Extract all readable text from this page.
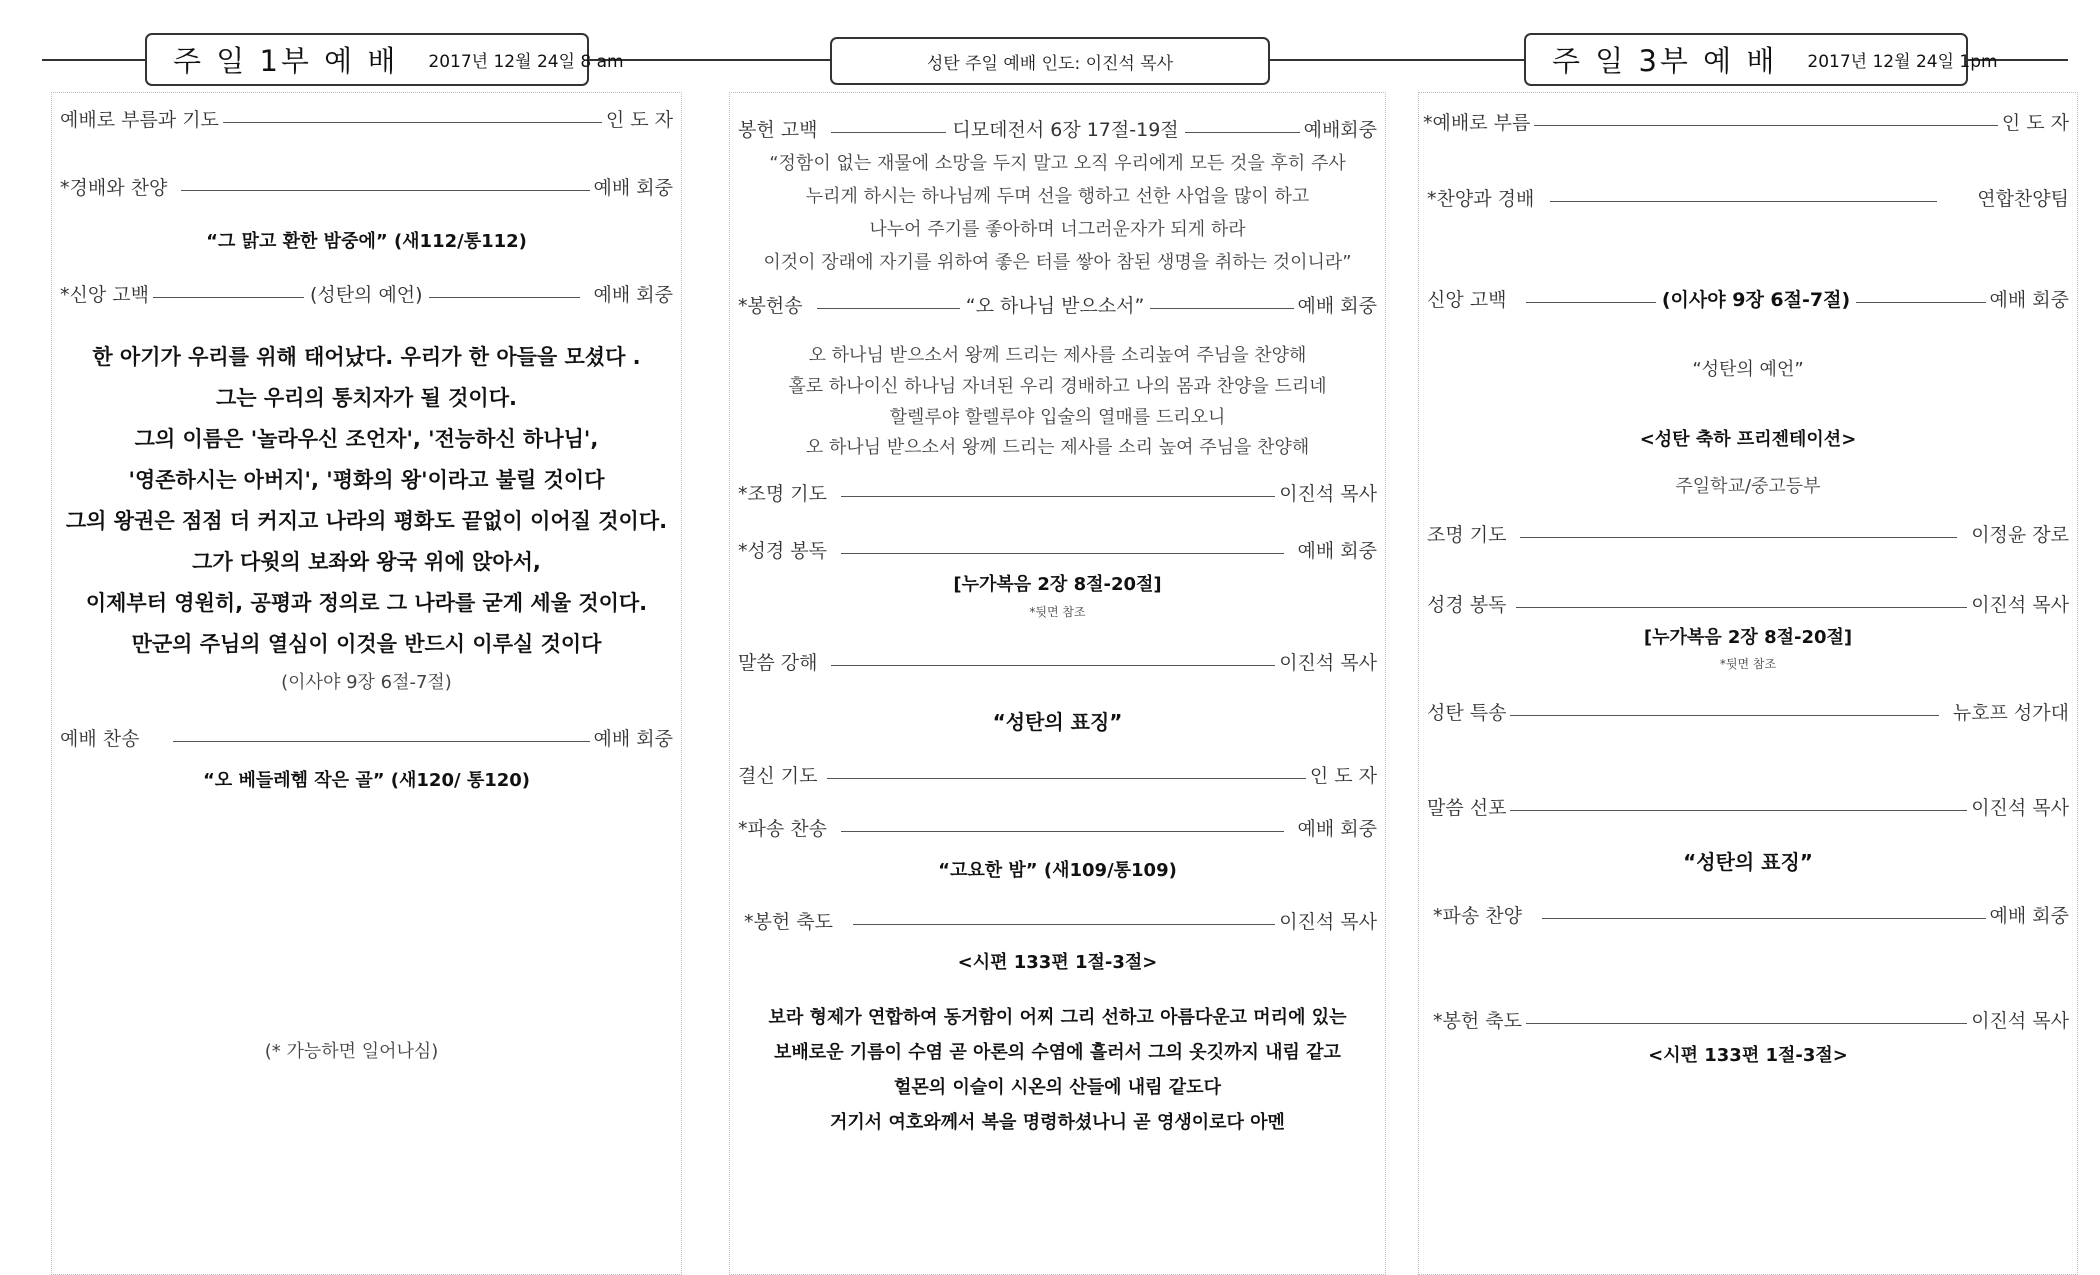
주 일 1부 예 배 2017년 12월 24일 8 am	성탄 주일 예배 인도: 이진석 목사	주 일 3부 예 배 2017년 12월 24일 1pm
예배로 부름과 기도	인 도 자
*경배와 찬양	예배 회중
“그 맑고 환한 밤중에” (새112/통112)
*신앙 고백	(성탄의 예언)	예배 회중
한 아기가 우리를 위해 태어났다. 우리가 한 아들을 모셨다 .
그는 우리의 통치자가 될 것이다.
그의 이름은 '놀라우신 조언자', '전능하신 하나님',
'영존하시는 아버지', '평화의 왕'이라고 불릴 것이다
그의 왕권은 점점 더 커지고 나라의 평화도 끝없이 이어질 것이다.
그가 다윗의 보좌와 왕국 위에 앉아서,
이제부터 영원히, 공평과 정의로 그 나라를 굳게 세울 것이다.
만군의 주님의 열심이 이것을 반드시 이루실 것이다
(이사야 9장 6절-7절)
예배 찬송	예배 회중
“오 베들레헴 작은 골” (새120/ 통120)
(* 가능하면 일어나심)
봉헌 고백	디모데전서 6장 17절-19절	예배회중
“정함이 없는 재물에 소망을 두지 말고 오직 우리에게 모든 것을 후히 주사
누리게 하시는 하나님께 두며 선을 행하고 선한 사업을 많이 하고
나누어 주기를 좋아하며 너그러운자가 되게 하라
이것이 장래에 자기를 위하여 좋은 터를 쌓아 참된 생명을 취하는 것이니라”
*봉헌송	“오 하나님 받으소서”	예배 회중
오 하나님 받으소서 왕께 드리는 제사를 소리높여 주님을 찬양해
홀로 하나이신 하나님 자녀된 우리 경배하고 나의 몸과 찬양을 드리네
할렐루야 할렐루야 입술의 열매를 드리오니
오 하나님 받으소서 왕께 드리는 제사를 소리 높여 주님을 찬양해
*조명 기도	이진석 목사
*성경 봉독	예배 회중
[누가복음 2장 8절-20절]
*뒷면 참조
말씀 강해	이진석 목사
“성탄의 표징”
결신 기도	인 도 자
*파송 찬송	예배 회중
“고요한 밤” (새109/통109)
*봉헌 축도	이진석 목사
<시편 133편 1절-3절>
보라 형제가 연합하여 동거함이 어찌 그리 선하고 아름다운고 머리에 있는
보배로운 기름이 수염 곧 아론의 수염에 흘러서 그의 옷깃까지 내림 같고
헐몬의 이슬이 시온의 산들에 내림 같도다
거기서 여호와께서 복을 명령하셨나니 곧 영생이로다 아멘
*예배로 부름	인 도 자
*찬양과 경배	연합찬양팀
신앙 고백	(이사야 9장 6절-7절)	예배 회중
“성탄의 예언”
<성탄 축하 프리젠테이션>
주일학교/중고등부
조명 기도	이정윤 장로
성경 봉독	이진석 목사
[누가복음 2장 8절-20절]
*뒷면 참조
성탄 특송	뉴호프 성가대
말씀 선포	이진석 목사
“성탄의 표징”
*파송 찬양	예배 회중
*봉헌 축도	이진석 목사
<시편 133편 1절-3절>
